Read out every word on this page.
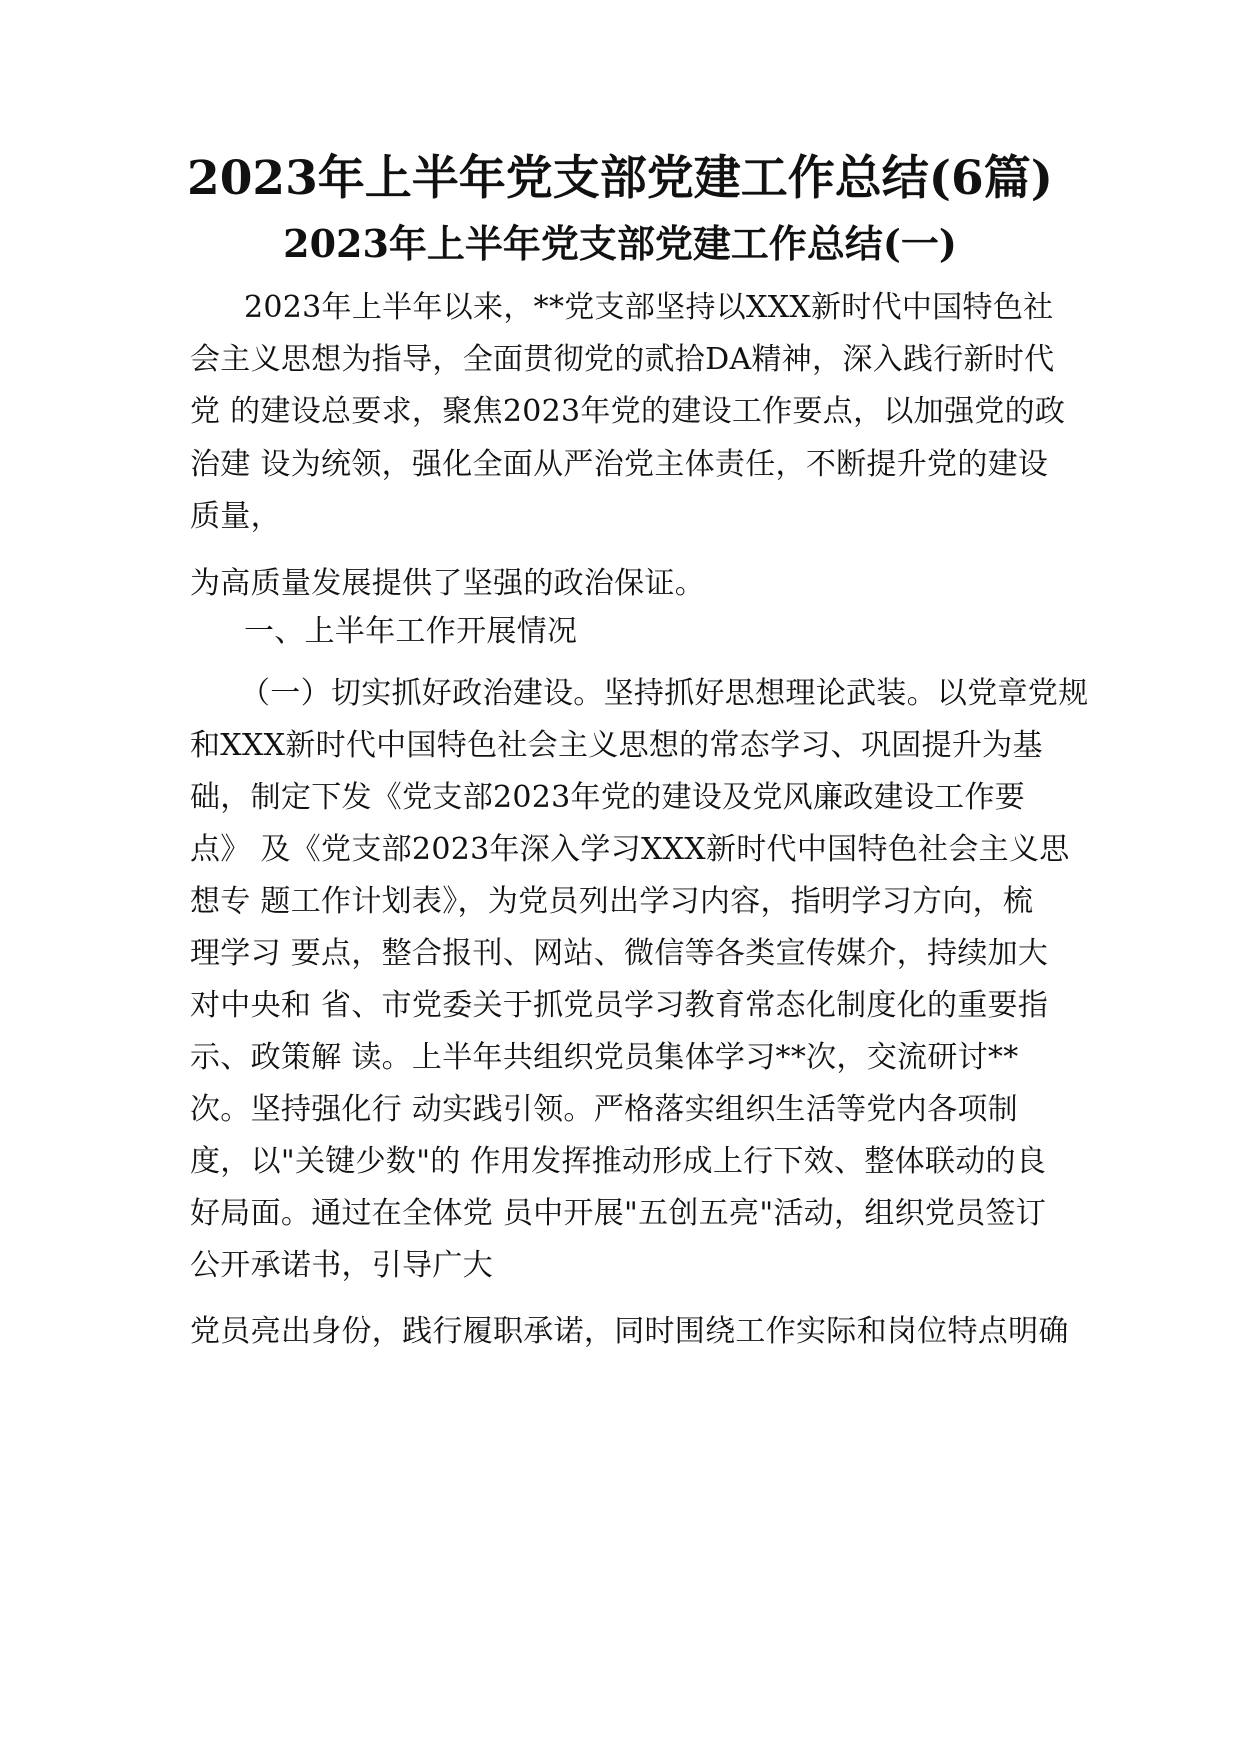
2023年上半年党支部党建工作总结(6篇)
2023年上半年党支部党建工作总结(一)

2023年上半年以来，**党支部坚持以XXX新时代中国特色社

会主义思想为指导，全面贯彻党的贰拾DA精神，深入践行新时代

党 的建设总要求，聚焦2023年党的建设工作要点，以加强党的政

治建 设为统领，强化全面从严治党主体责任，不断提升党的建设

质量，

为高质量发展提供了坚强的政治保证。

一、上半年工作开展情况

（一）切实抓好政治建设。坚持抓好思想理论武装。以党章党规

和XXX新时代中国特色社会主义思想的常态学习、巩固提升为基

础，制定下发《党支部2023年党的建设及党风廉政建设工作要

点》 及《党支部2023年深入学习XXX新时代中国特色社会主义思

想专 题工作计划表》，为党员列出学习内容，指明学习方向，梳

理学习 要点，整合报刊、网站、微信等各类宣传媒介，持续加大

对中央和 省、市党委关于抓党员学习教育常态化制度化的重要指

示、政策解 读。上半年共组织党员集体学习**次，交流研讨**

次。坚持强化行 动实践引领。严格落实组织生活等党内各项制

度，以"关键少数"的 作用发挥推动形成上行下效、整体联动的良

好局面。通过在全体党 员中开展"五创五亮"活动，组织党员签订

公开承诺书，引导广大

党员亮出身份，践行履职承诺，同时围绕工作实际和岗位特点明确
